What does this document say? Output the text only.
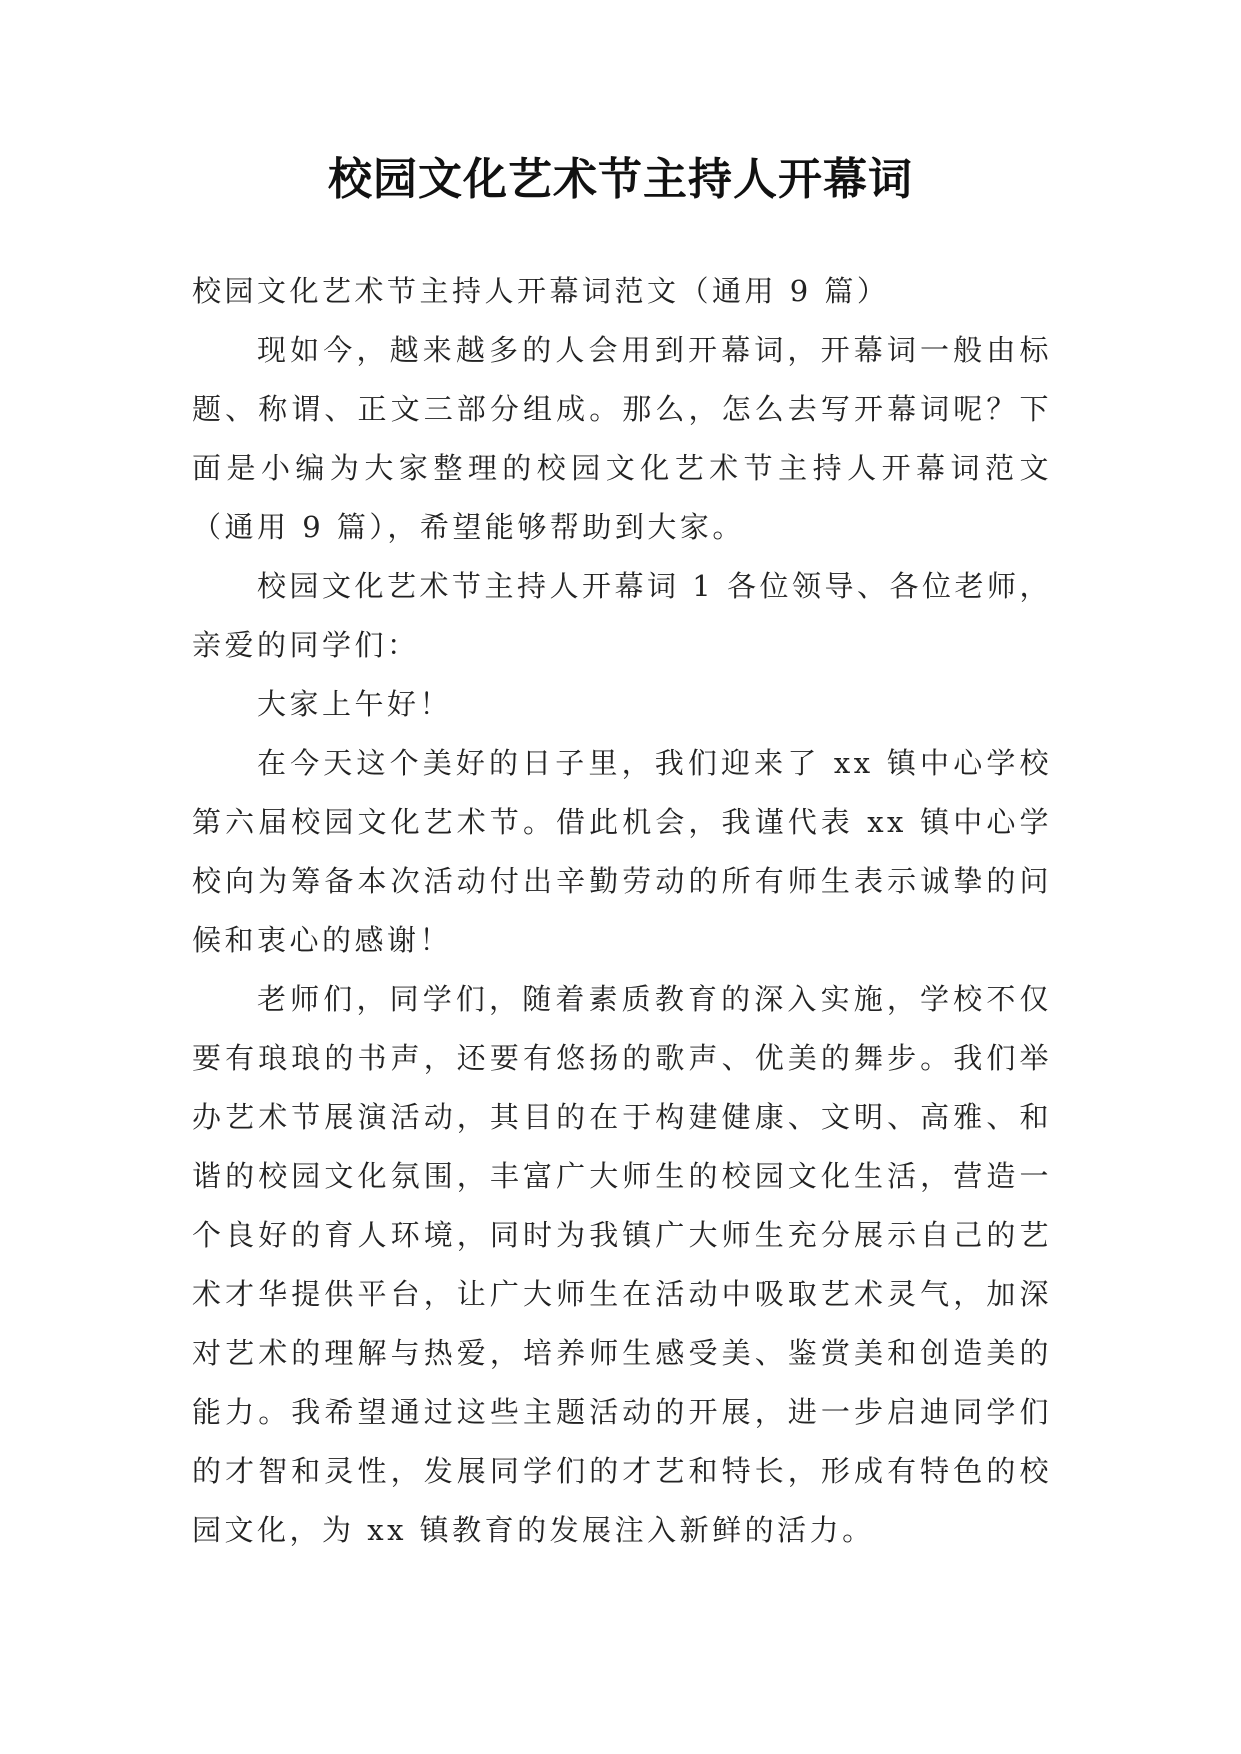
校园文化艺术节主持人开幕词

校园文化艺术节主持人开幕词范文（通用 9 篇）

现如今，越来越多的人会用到开幕词，开幕词一般由标题、称谓、正文三部分组成。那么，怎么去写开幕词呢？下面是小编为大家整理的校园文化艺术节主持人开幕词范文（通用 9 篇），希望能够帮助到大家。

校园文化艺术节主持人开幕词 1 各位领导、各位老师，亲爱的同学们：

大家上午好！

在今天这个美好的日子里，我们迎来了 xx 镇中心学校第六届校园文化艺术节。借此机会，我谨代表 xx 镇中心学校向为筹备本次活动付出辛勤劳动的所有师生表示诚挚的问候和衷心的感谢！

老师们，同学们，随着素质教育的深入实施，学校不仅要有琅琅的书声，还要有悠扬的歌声、优美的舞步。我们举办艺术节展演活动，其目的在于构建健康、文明、高雅、和谐的校园文化氛围，丰富广大师生的校园文化生活，营造一个良好的育人环境，同时为我镇广大师生充分展示自己的艺术才华提供平台，让广大师生在活动中吸取艺术灵气，加深对艺术的理解与热爱，培养师生感受美、鉴赏美和创造美的能力。我希望通过这些主题活动的开展，进一步启迪同学们的才智和灵性，发展同学们的才艺和特长，形成有特色的校园文化，为 xx 镇教育的发展注入新鲜的活力。
